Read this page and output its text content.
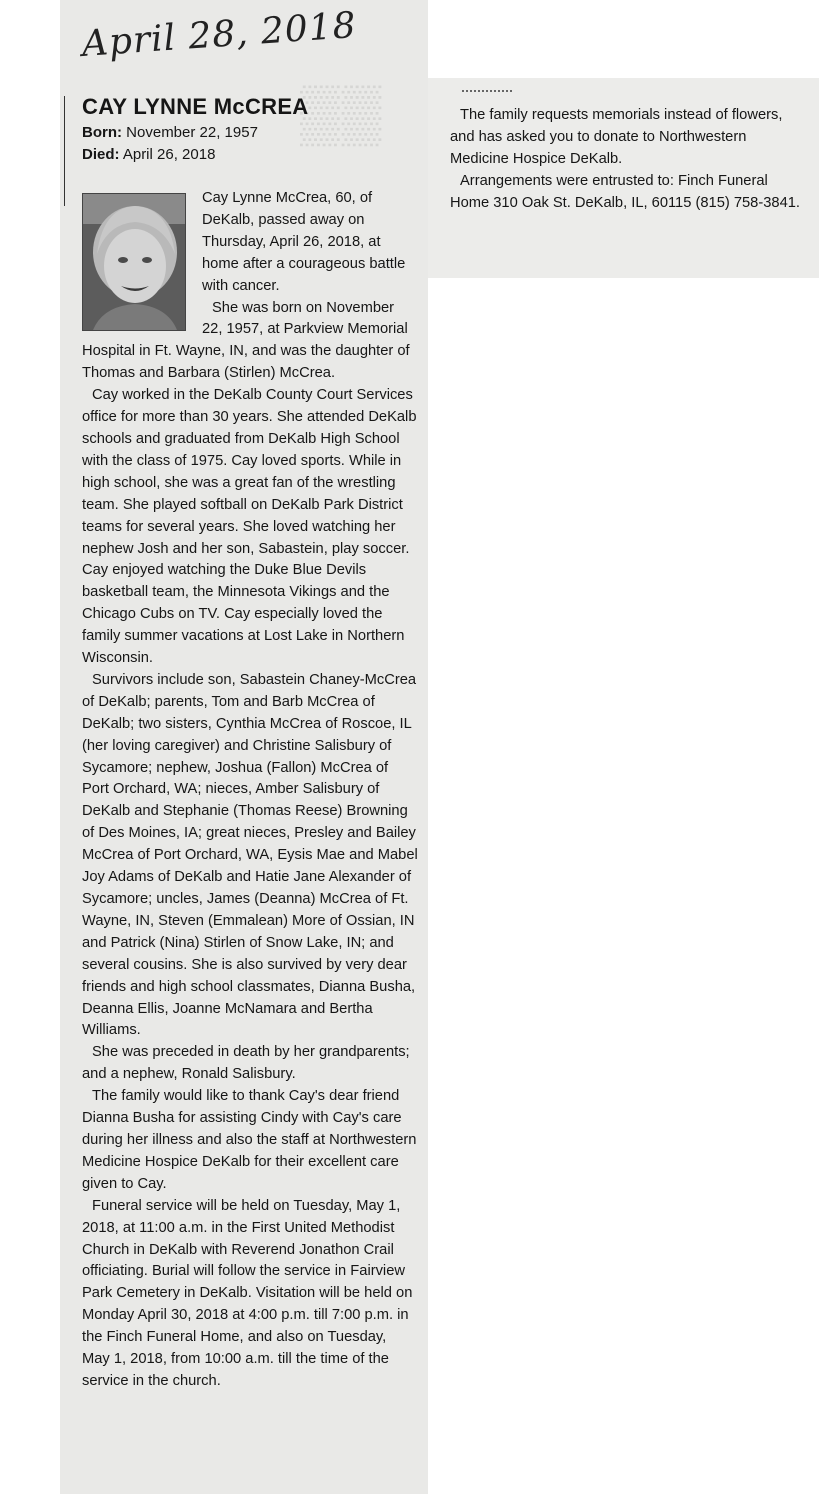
▒▒
April 28, 2018
CAY LYNNE McCREA
Born: November 22, 1957
Died: April 26, 2018

Cay Lynne McCrea, 60, of DeKalb, passed away on Thursday, April 26, 2018, at home after a courageous battle with cancer.

She was born on November 22, 1957, at Parkview Memorial Hospital in Ft. Wayne, IN, and was the daughter of Thomas and Barbara (Stirlen) McCrea.

Cay worked in the DeKalb County Court Services office for more than 30 years. She attended DeKalb schools and graduated from DeKalb High School with the class of 1975. Cay loved sports. While in high school, she was a great fan of the wrestling team. She played softball on DeKalb Park District teams for several years. She loved watching her nephew Josh and her son, Sabastein, play soccer. Cay enjoyed watching the Duke Blue Devils basketball team, the Minnesota Vikings and the Chicago Cubs on TV. Cay especially loved the family summer vacations at Lost Lake in Northern Wisconsin.

Survivors include son, Sabastein Chaney-McCrea of DeKalb; parents, Tom and Barb McCrea of DeKalb; two sisters, Cynthia McCrea of Roscoe, IL (her loving caregiver) and Christine Salisbury of Sycamore; nephew, Joshua (Fallon) McCrea of Port Orchard, WA; nieces, Amber Salisbury of DeKalb and Stephanie (Thomas Reese) Browning of Des Moines, IA; great nieces, Presley and Bailey McCrea of Port Orchard, WA, Eysis Mae and Mabel Joy Adams of DeKalb and Hatie Jane Alexander of Sycamore; uncles, James (Deanna) McCrea of Ft. Wayne, IN, Steven (Emmalean) More of Ossian, IN and Patrick (Nina) Stirlen of Snow Lake, IN; and several cousins. She is also survived by very dear friends and high school classmates, Dianna Busha, Deanna Ellis, Joanne McNamara and Bertha Williams.

She was preceded in death by her grandparents; and a nephew, Ronald Salisbury.

The family would like to thank Cay's dear friend Dianna Busha for assisting Cindy with Cay's care during her illness and also the staff at Northwestern Medicine Hospice DeKalb for their excellent care given to Cay.

Funeral service will be held on Tuesday, May 1, 2018, at 11:00 a.m. in the First United Methodist Church in DeKalb with Reverend Jonathon Crail officiating. Burial will follow the service in Fairview Park Cemetery in DeKalb. Visitation will be held on Monday April 30, 2018 at 4:00 p.m. till 7:00 p.m. in the Finch Funeral Home, and also on Tuesday, May 1, 2018, from 10:00 a.m. till the time of the service in the church.

The family requests memorials instead of flowers, and has asked you to donate to Northwestern Medicine Hospice DeKalb.

Arrangements were entrusted to: Finch Funeral Home 310 Oak St. DeKalb, IL, 60115 (815) 758-3841.
